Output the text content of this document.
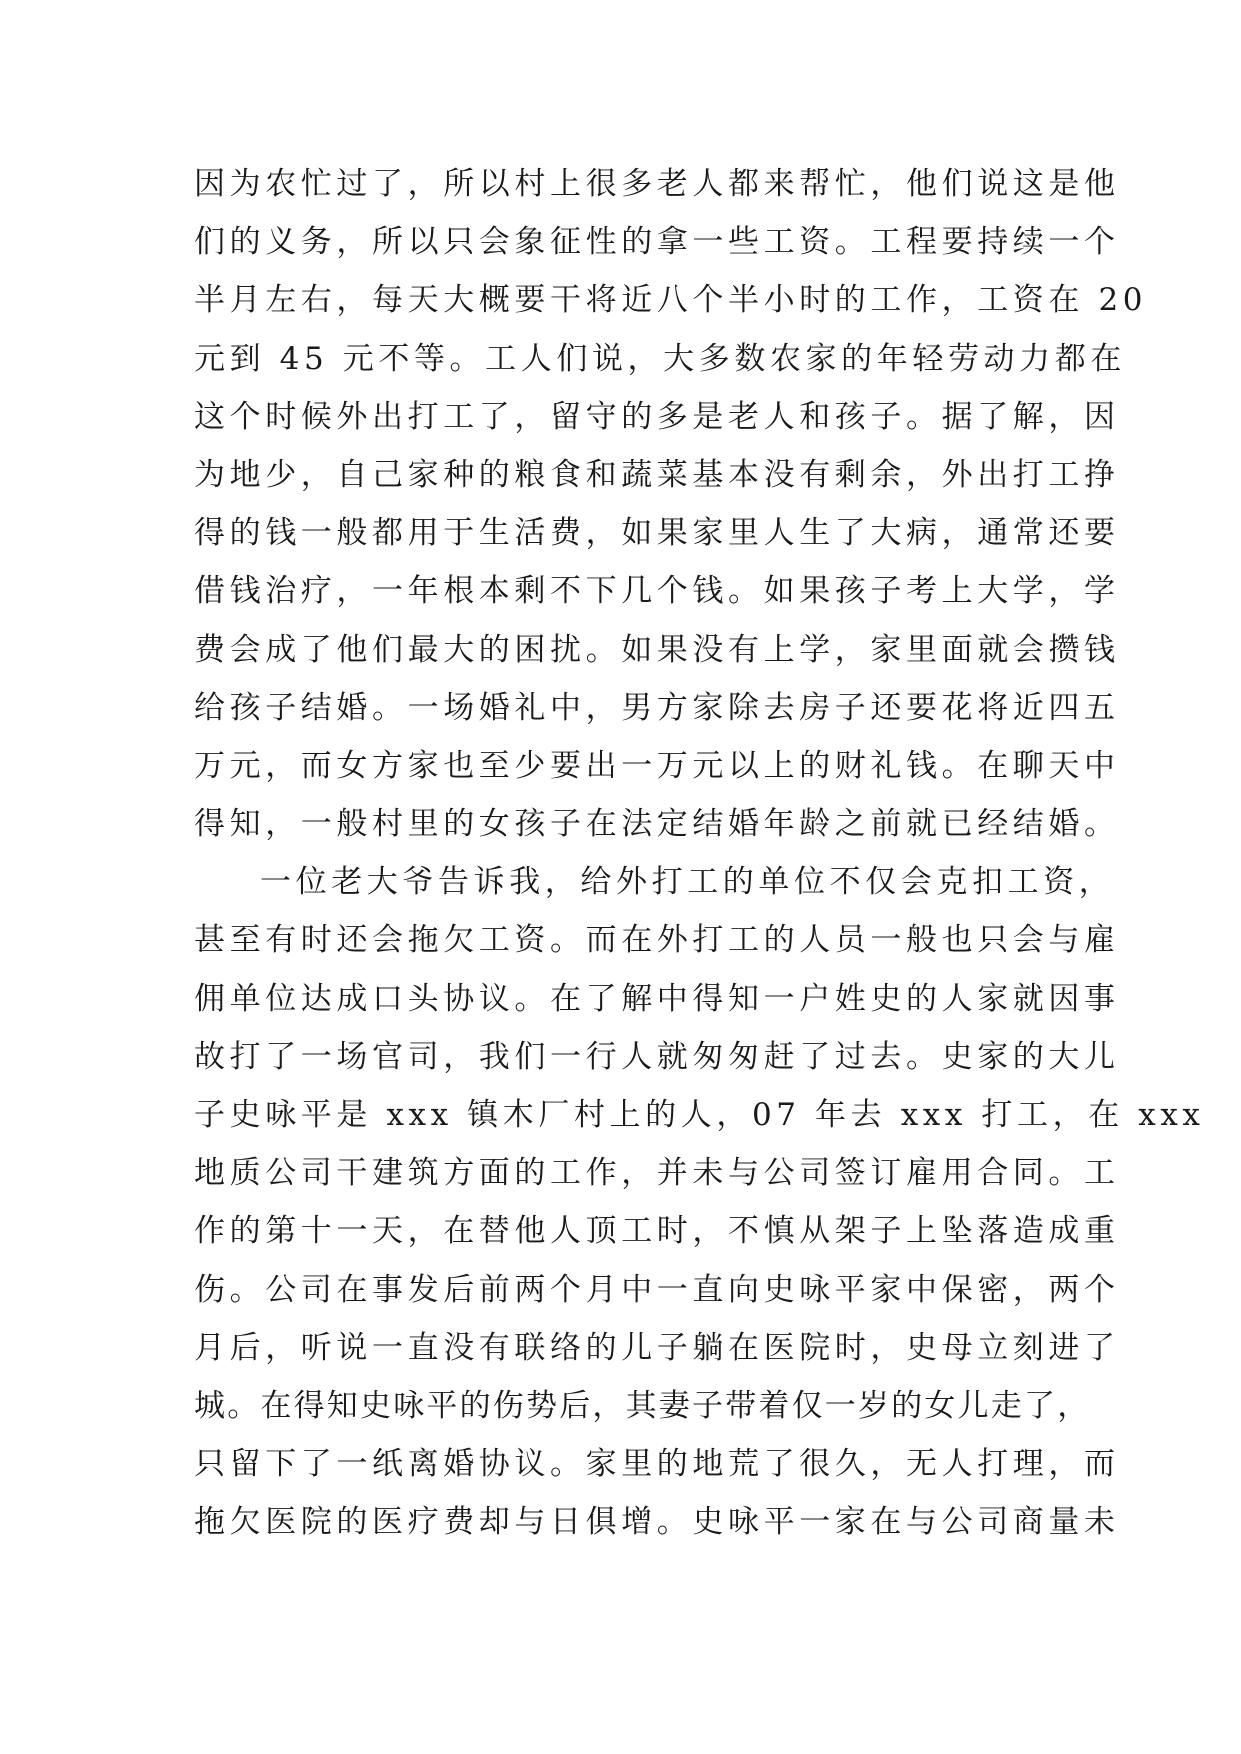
因为农忙过了，所以村上很多老人都来帮忙，他们说这是他
们的义务，所以只会象征性的拿一些工资。工程要持续一个
半月左右，每天大概要干将近八个半小时的工作，工资在 20
元到 45 元不等。工人们说，大多数农家的年轻劳动力都在
这个时候外出打工了，留守的多是老人和孩子。据了解，因
为地少，自己家种的粮食和蔬菜基本没有剩余，外出打工挣
得的钱一般都用于生活费，如果家里人生了大病，通常还要
借钱治疗，一年根本剩不下几个钱。如果孩子考上大学，学
费会成了他们最大的困扰。如果没有上学，家里面就会攒钱
给孩子结婚。一场婚礼中，男方家除去房子还要花将近四五
万元，而女方家也至少要出一万元以上的财礼钱。在聊天中
得知，一般村里的女孩子在法定结婚年龄之前就已经结婚。
一位老大爷告诉我，给外打工的单位不仅会克扣工资，
甚至有时还会拖欠工资。而在外打工的人员一般也只会与雇
佣单位达成口头协议。在了解中得知一户姓史的人家就因事
故打了一场官司，我们一行人就匆匆赶了过去。史家的大儿
子史咏平是 xxx 镇木厂村上的人，07 年去 xxx 打工，在 xxx
地质公司干建筑方面的工作，并未与公司签订雇用合同。工
作的第十一天，在替他人顶工时，不慎从架子上坠落造成重
伤。公司在事发后前两个月中一直向史咏平家中保密，两个
月后，听说一直没有联络的儿子躺在医院时，史母立刻进了
城。在得知史咏平的伤势后，其妻子带着仅一岁的女儿走了，
只留下了一纸离婚协议。家里的地荒了很久，无人打理，而
拖欠医院的医疗费却与日俱增。史咏平一家在与公司商量未
